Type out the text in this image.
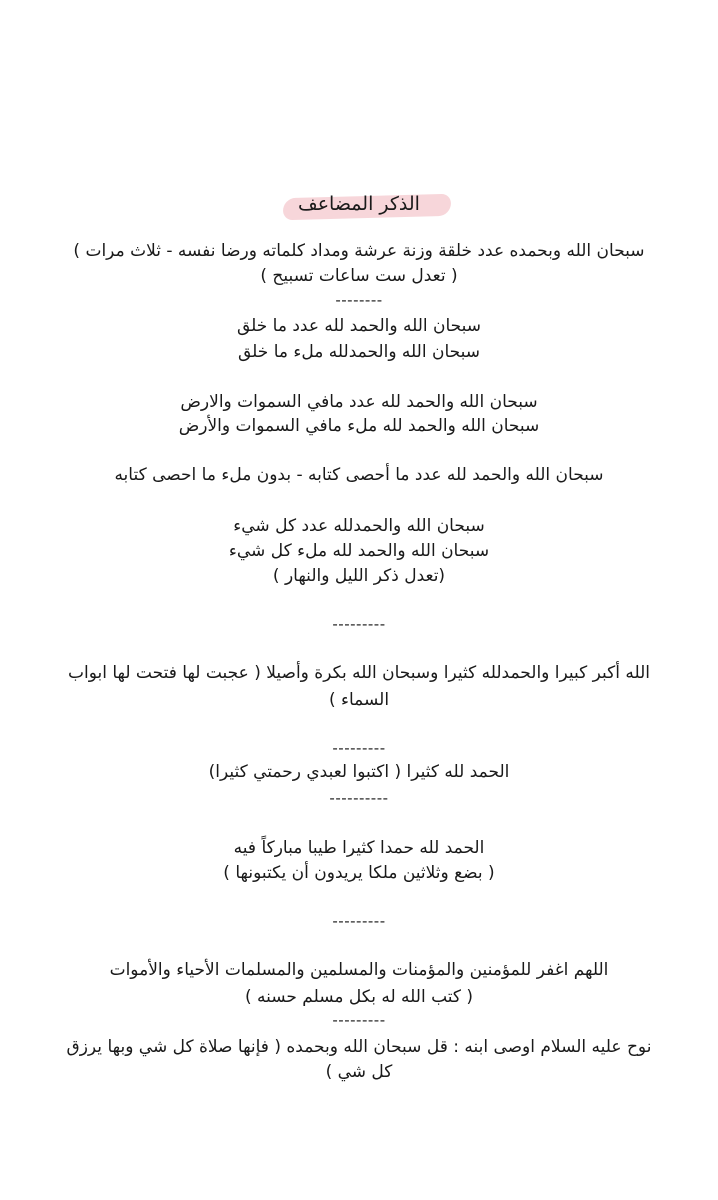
الذكر المضاعف
سبحان الله وبحمده عدد خلقة وزنة عرشة ومداد كلماته ورضا نفسه - ثلاث مرات )
( تعدل ست ساعات تسبيح )
--------
سبحان الله والحمد لله عدد ما خلق
سبحان الله والحمدلله ملء ما خلق
سبحان الله والحمد لله عدد مافي السموات والارض
سبحان الله والحمد لله ملء مافي السموات والأرض
سبحان الله والحمد لله عدد ما أحصى كتابه - بدون ملء ما احصى كتابه
سبحان الله والحمدلله عدد كل شيء
سبحان الله والحمد لله ملء كل شيء
(تعدل ذكر الليل والنهار )
---------
الله أكبر كبيرا والحمدلله كثيرا وسبحان الله بكرة وأصيلا ( عجبت لها فتحت لها ابواب
السماء )
---------
الحمد لله كثيرا ( اكتبوا لعبدي رحمتي كثيرا)
----------
الحمد لله حمدا كثيرا طيبا مباركاً فيه
( بضع وثلاثين ملكا يريدون أن يكتبونها )
---------
اللهم اغفر للمؤمنين والمؤمنات والمسلمين والمسلمات الأحياء والأموات
( كتب الله له بكل مسلم حسنه )
---------
نوح عليه السلام اوصى ابنه : قل سبحان الله وبحمده ( فإنها صلاة كل شي وبها يرزق
كل شي )
